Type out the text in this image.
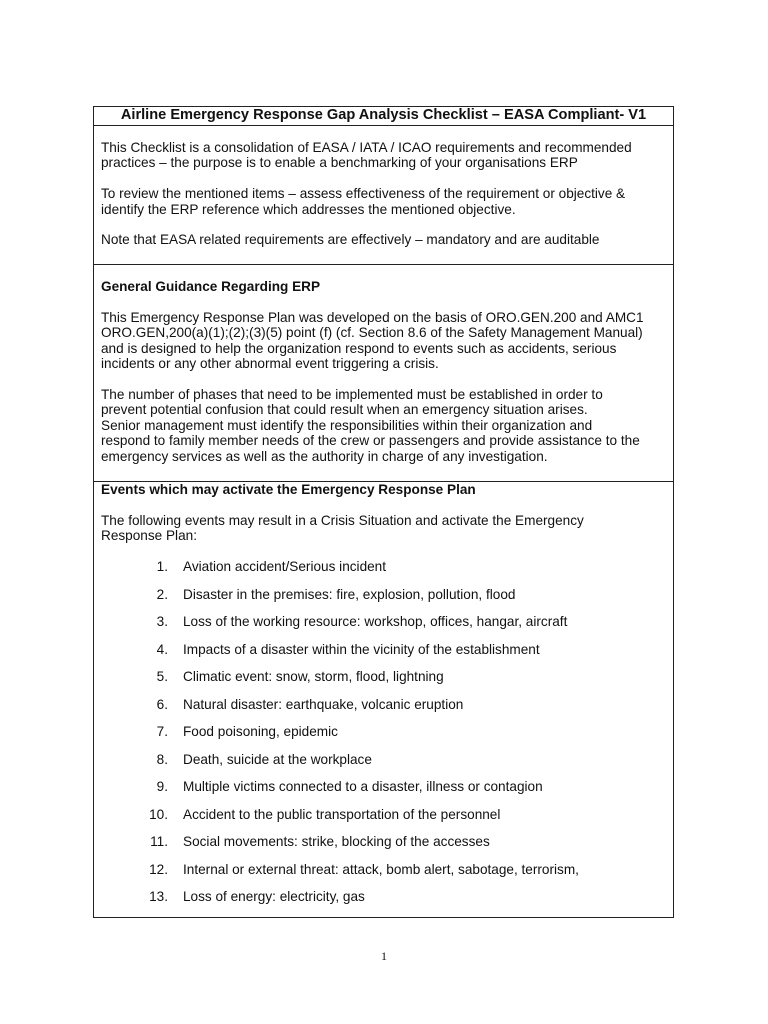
Airline Emergency Response Gap Analysis Checklist – EASA Compliant- V1
This Checklist is a consolidation of EASA / IATA / ICAO requirements and recommended
practices – the purpose is to enable a benchmarking of your organisations ERP
To review the mentioned items – assess effectiveness of the requirement or objective &
identify the ERP reference which addresses the mentioned objective.
Note that EASA related requirements are effectively – mandatory and are auditable
General Guidance Regarding ERP
This Emergency Response Plan was developed on the basis of ORO.GEN.200 and AMC1
ORO.GEN,200(a)(1);(2);(3)(5) point (f) (cf. Section 8.6 of the Safety Management Manual)
and is designed to help the organization respond to events such as accidents, serious
incidents or any other abnormal event triggering a crisis.
The number of phases that need to be implemented must be established in order to
prevent potential confusion that could result when an emergency situation arises.
Senior management must identify the responsibilities within their organization and
respond to family member needs of the crew or passengers and provide assistance to the
emergency services as well as the authority in charge of any investigation.
Events which may activate the Emergency Response Plan
The following events may result in a Crisis Situation and activate the Emergency
Response Plan:
1. Aviation accident/Serious incident
2. Disaster in the premises: fire, explosion, pollution, flood
3. Loss of the working resource: workshop, offices, hangar, aircraft
4. Impacts of a disaster within the vicinity of the establishment
5. Climatic event: snow, storm, flood, lightning
6. Natural disaster: earthquake, volcanic eruption
7. Food poisoning, epidemic
8. Death, suicide at the workplace
9. Multiple victims connected to a disaster, illness or contagion
10. Accident to the public transportation of the personnel
11. Social movements: strike, blocking of the accesses
12. Internal or external threat: attack, bomb alert, sabotage, terrorism,
13. Loss of energy: electricity, gas
1
